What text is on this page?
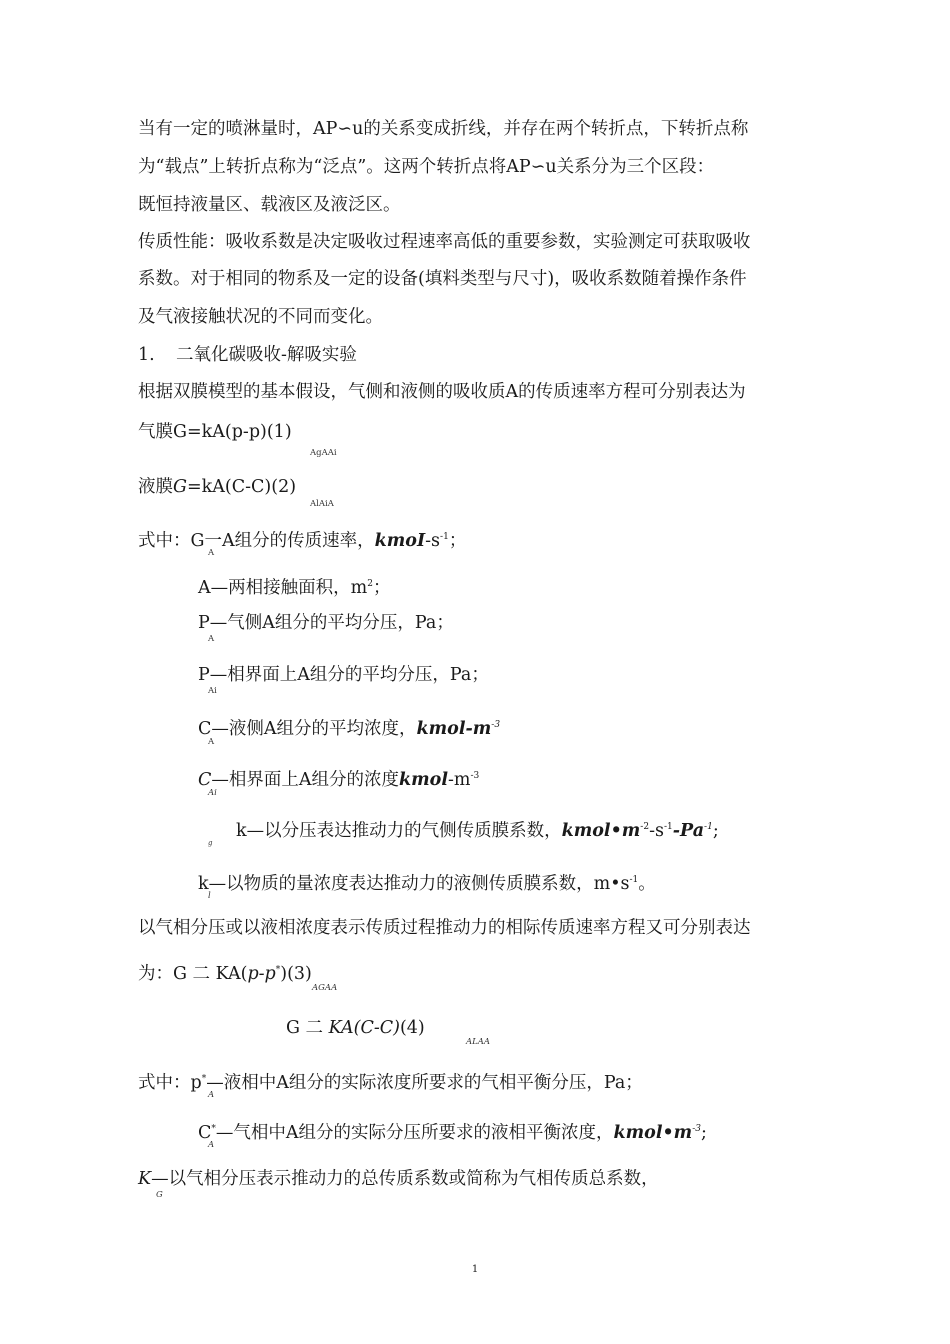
当有一定的喷淋量时，AP∽u的关系变成折线，并存在两个转折点，下转折点称
为“载点”上转折点称为“泛点”。这两个转折点将AP∽u关系分为三个区段：
既恒持液量区、载液区及液泛区。
传质性能：吸收系数是决定吸收过程速率高低的重要参数，实验测定可获取吸收
系数。对于相同的物系及一定的设备(填料类型与尺寸)，吸收系数随着操作条件
及气液接触状况的不同而变化。
1. 二氧化碳吸收-解吸实验
根据双膜模型的基本假设，气侧和液侧的吸收质A的传质速率方程可分别表达为
气膜G=kA(p-p)(1)
AgAAi
液膜G=kA(C-C)(2)
AlAiA
式中：G一A组分的传质速率，kmoI-$s^{-1}$；
A
A—两相接触面积，$m^2$；
P—气侧A组分的平均分压，Pa；
A
P—相界面上A组分的平均分压，Pa；
Ai
C—液侧A组分的平均浓度，kmol-$m^{-3}$
A
C—相界面上A组分的浓度kmol-$m^{-3}$
Ai
k—以分压表达推动力的气侧传质膜系数，$kmol•m^{-2}-s^{-1}-Pa^{-1}$;
g
k—以物质的量浓度表达推动力的液侧传质膜系数，$m•s^{-1}$。
l
以气相分压或以液相浓度表示传质过程推动力的相际传质速率方程又可分别表达
为：G 二 KA(p-p*)(3)
AGAA
G 二 KA(C-C)(4)
ALAA
式中：p*—液相中A组分的实际浓度所要求的气相平衡分压，Pa；
A
C*—气相中A组分的实际分压所要求的液相平衡浓度，$kmol•m^{-3}$;
A
K—以气相分压表示推动力的总传质系数或简称为气相传质总系数，
G
1
